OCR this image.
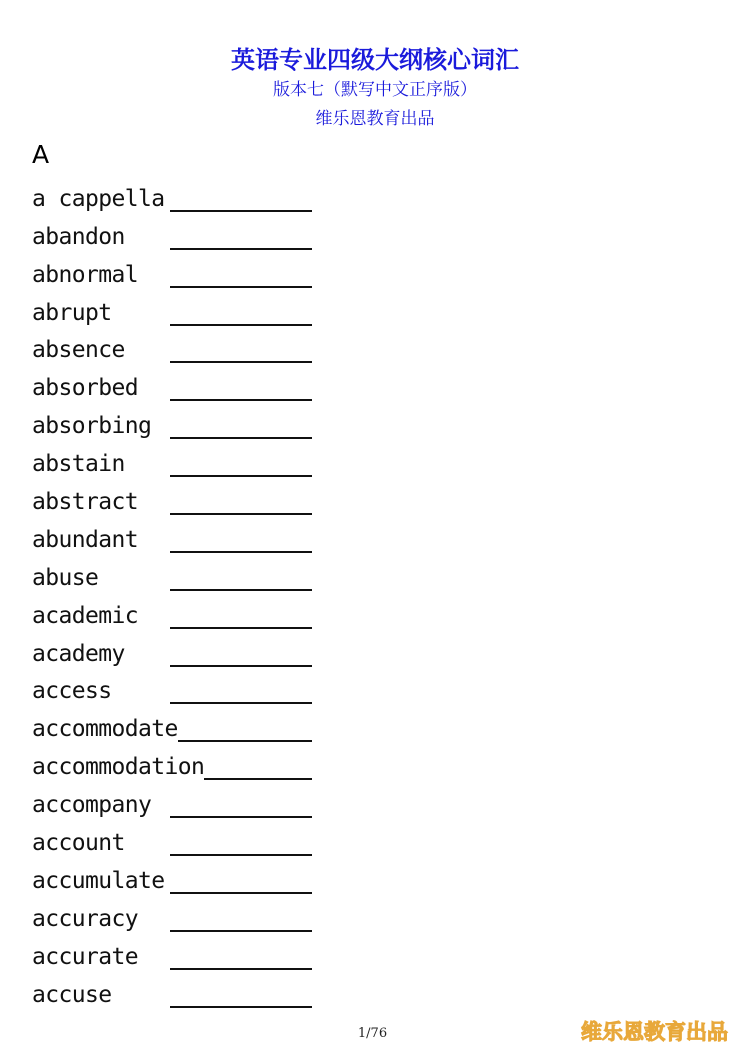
英语专业四级大纲核心词汇
版本七（默写中文正序版）
维乐恩教育出品
A
a cappella
abandon
abnormal
abrupt
absence
absorbed
absorbing
abstain
abstract
abundant
abuse
academic
academy
access
accommodate
accommodation
accompany
account
accumulate
accuracy
accurate
accuse
1/76	维乐恩教育出品
